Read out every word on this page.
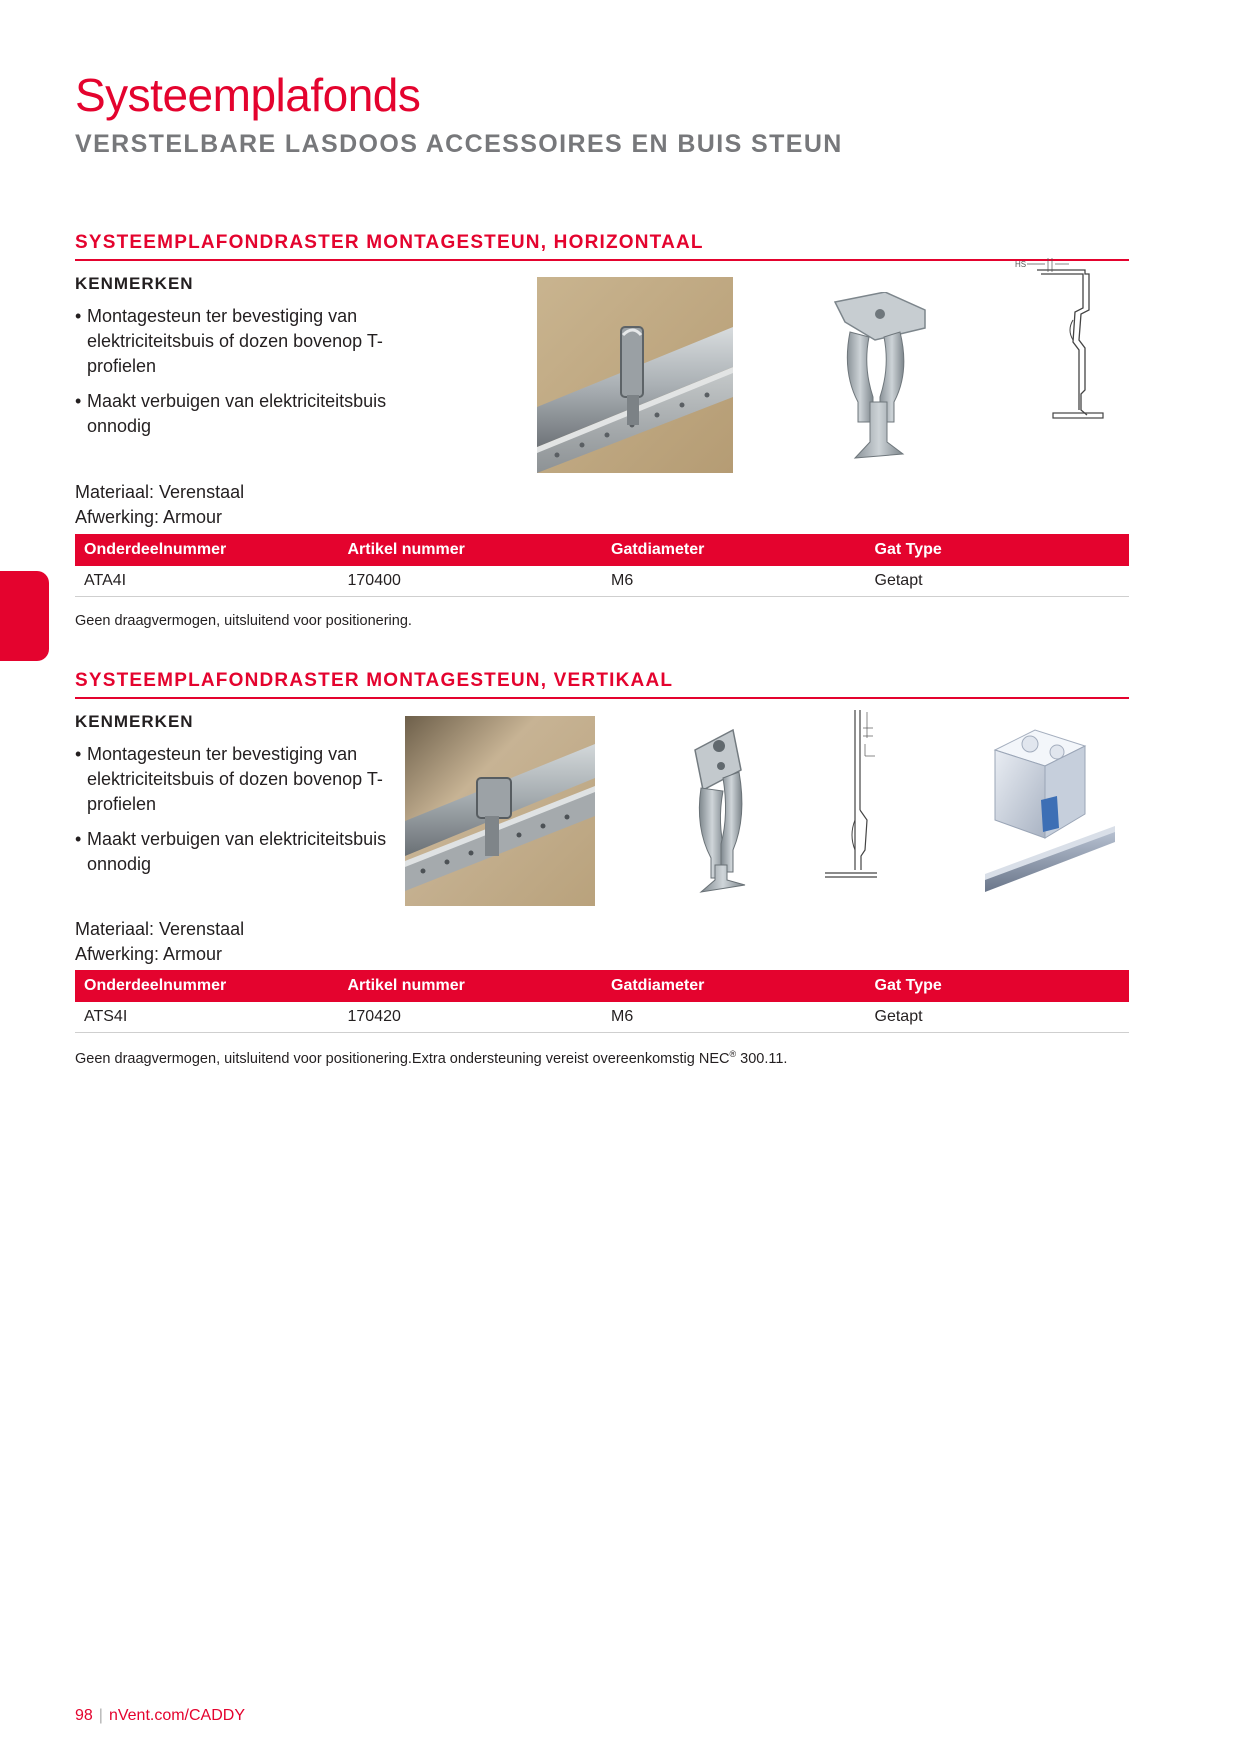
Systeemplafonds
VERSTELBARE LASDOOS ACCESSOIRES EN BUIS STEUN
SYSTEEMPLAFONDRASTER MONTAGESTEUN, HORIZONTAAL
KENMERKEN
• Montagesteun ter bevestiging van elektriciteitsbuis of dozen bovenop T-profielen
• Maakt verbuigen van elektriciteitsbuis onnodig
Materiaal: Verenstaal
Afwerking: Armour
HS
Onderdeelnummer	Artikel nummer	Gatdiameter	Gat Type
ATA4I	170400	M6	Getapt
Geen draagvermogen, uitsluitend voor positionering.
SYSTEEMPLAFONDRASTER MONTAGESTEUN, VERTIKAAL
KENMERKEN
• Montagesteun ter bevestiging van elektriciteitsbuis of dozen bovenop T-profielen
• Maakt verbuigen van elektriciteitsbuis onnodig
Materiaal: Verenstaal
Afwerking: Armour
Onderdeelnummer	Artikel nummer	Gatdiameter	Gat Type
ATS4I	170420	M6	Getapt
Geen draagvermogen, uitsluitend voor positionering.Extra ondersteuning vereist overeenkomstig NEC® 300.11.
98 | nVent.com/CADDY
